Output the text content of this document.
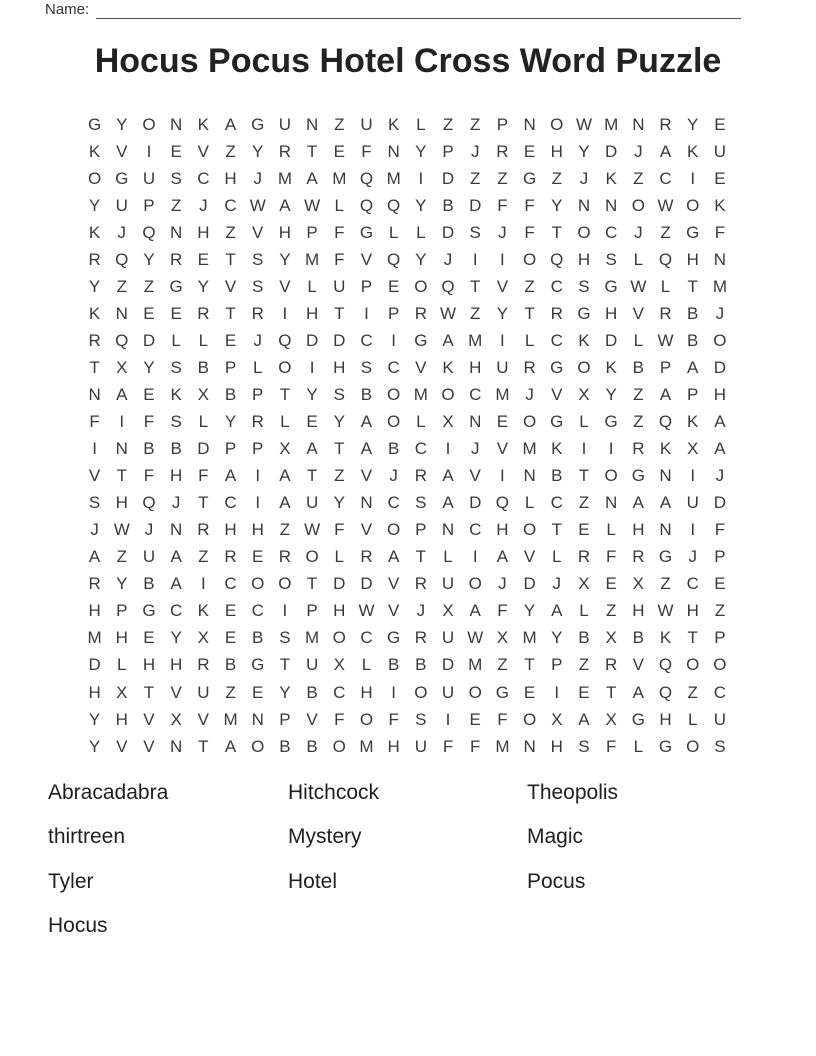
Name:
Hocus Pocus Hotel Cross Word Puzzle
G Y O N K A G U N Z U K L	Z Z P N O W M N R Y E
K V	I	E V Z Y R T E F N Y P	J R E H Y D J	A K U
O G U S C H J M A M Q M	I	D Z Z G Z	J	K Z C	I	E
Y U P Z	J C W A W L Q Q Y B D F F Y N N O W O K
K	J Q N H Z V H P F G L	L D S	J	F T O C J	Z G F
R Q Y R E T S Y M F V Q Y	J	I	I	O Q H S L Q H N
Y Z Z G Y V S V L U P E O Q T V Z C S G W L	T M
K N E E R T R	I	H T	I	P R W Z Y T R G H V R B	J
R Q D L	L E	J Q D D C	I	G A M	I	L C K D L W B O
T X Y S B P L O	I	H S C V K H U R G O K B P A D
N A E K X B P T Y S B O M O C M J	V X Y Z A P H
F	I	F S L Y R L E Y A O L X N E O G L G Z Q K A
I	N B B D P P X A T A B C	I	J	V M K	I	I	R K X A
V T F H F A	I	A T Z V	J R A V	I	N B T O G N	I	J
S H Q J	T C	I	A U Y N C S A D Q L C Z N A A U D
J W J N R H H Z W F V O P N C H O T E L H N	I	F
A Z U A Z R E R O L R A T	L	I	A V L R F R G J	P
R Y B A	I	C O O T D D V R U O J D J	X E X Z C E
H P G C K E C	I	P H W V	J	X A F Y A L	Z H W H Z
M H E Y X E B S M O C G R U W X M Y B X B K T P
D L H H R B G T U X L B B D M Z T P Z R V Q O O
H X T V U Z E Y B C H	I	O U O G E	I	E T A Q Z C
Y H V X V M N P V F O F S	I	E F O X A X G H L U
Y V V N T A O B B O M H U F F M N H S F	L G O S
Abracadabra	Hitchcock	Theopolis
thirtreen	Mystery	Magic
Tyler	Hotel	Pocus
Hocus
